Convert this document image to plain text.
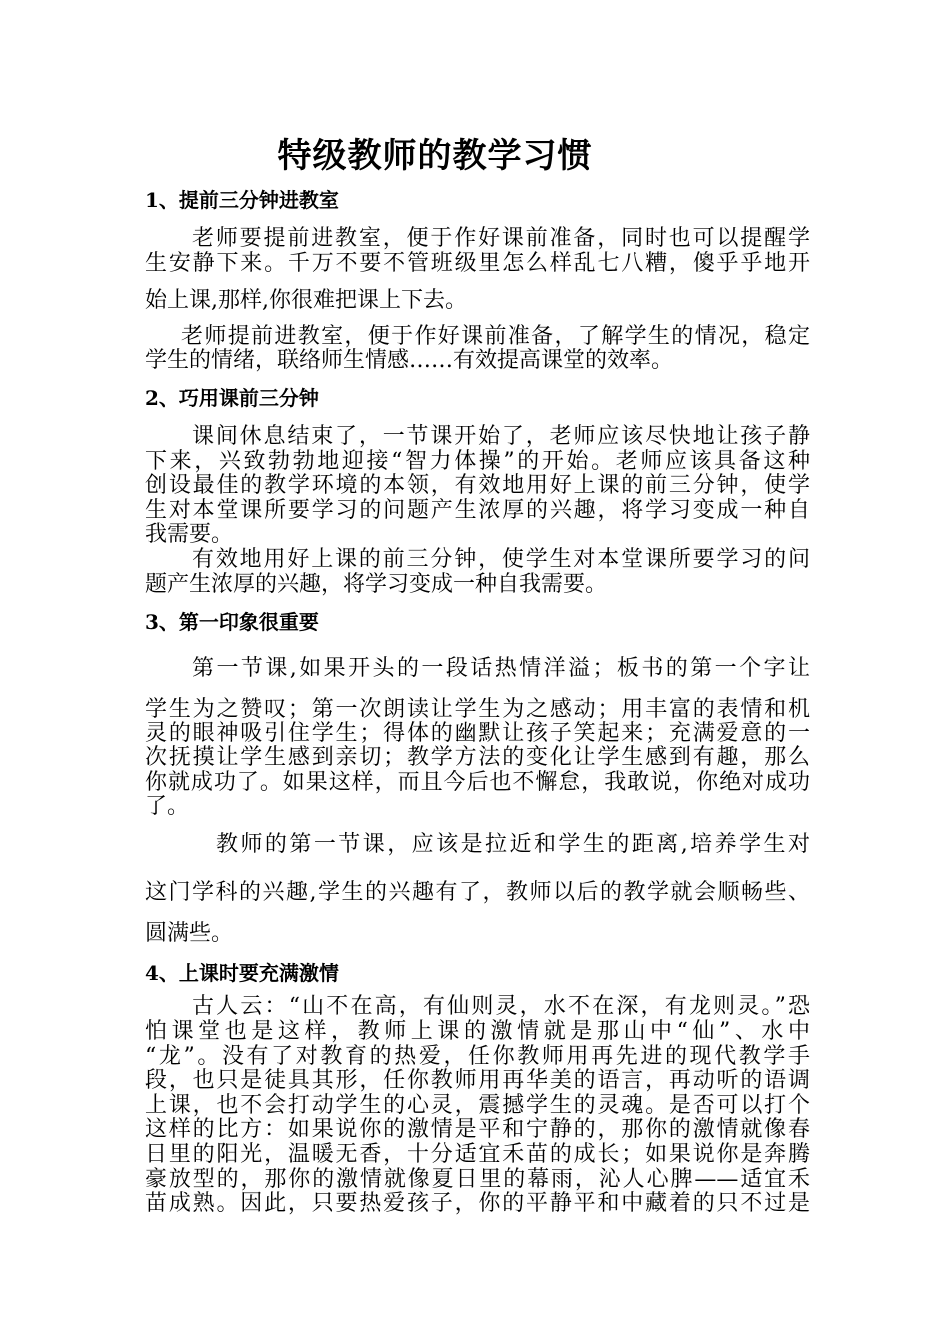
特级教师的教学习惯
1、提前三分钟进教室

老师要提前进教室，便于作好课前准备，同时也可以提醒学

生安静下来。千万不要不管班级里怎么样乱七八糟，傻乎乎地开

始上课,那样,你很难把课上下去。

老师提前进教室，便于作好课前准备，了解学生的情况，稳定

学生的情绪，联络师生情感……有效提高课堂的效率。

2、巧用课前三分钟

课间休息结束了，一节课开始了，老师应该尽快地让孩子静

下来，兴致勃勃地迎接“智力体操”的开始。老师应该具备这种

创设最佳的教学环境的本领，有效地用好上课的前三分钟，使学

生对本堂课所要学习的问题产生浓厚的兴趣，将学习变成一种自

我需要。

有效地用好上课的前三分钟，使学生对本堂课所要学习的问

题产生浓厚的兴趣，将学习变成一种自我需要。

3、第一印象很重要

第一节课,如果开头的一段话热情洋溢；板书的第一个字让

学生为之赞叹；第一次朗读让学生为之感动；用丰富的表情和机

灵的眼神吸引住学生；得体的幽默让孩子笑起来；充满爱意的一

次抚摸让学生感到亲切；教学方法的变化让学生感到有趣，那么

你就成功了。如果这样，而且今后也不懈怠，我敢说，你绝对成功

了。

教师的第一节课，应该是拉近和学生的距离,培养学生对

这门学科的兴趣,学生的兴趣有了，教师以后的教学就会顺畅些、

圆满些。

4、上课时要充满激情

古人云：“山不在高，有仙则灵，水不在深，有龙则灵。”恐

怕课堂也是这样，教师上课的激情就是那山中“仙”、水中

“龙”。没有了对教育的热爱，任你教师用再先进的现代教学手

段，也只是徒具其形，任你教师用再华美的语言，再动听的语调

上课，也不会打动学生的心灵，震撼学生的灵魂。是否可以打个

这样的比方：如果说你的激情是平和宁静的，那你的激情就像春

日里的阳光，温暖无香，十分适宜禾苗的成长；如果说你是奔腾

豪放型的，那你的激情就像夏日里的幕雨，沁人心脾——适宜禾

苗成熟。因此，只要热爱孩子，你的平静平和中藏着的只不过是
